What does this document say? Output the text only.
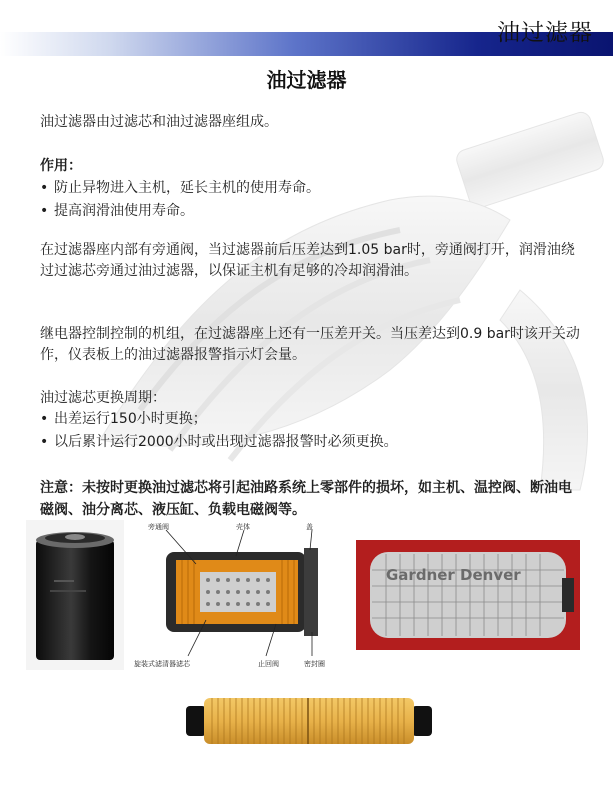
油过滤器
油过滤器
油过滤器由过滤芯和油过滤器座组成。
作用：
• 防止异物进入主机，延长主机的使用寿命。
• 提高润滑油使用寿命。
在过滤器座内部有旁通阀，当过滤器前后压差达到1.05 bar时，旁通阀打开，润滑油绕过过滤芯旁通过油过滤器，以保证主机有足够的冷却润滑油。
继电器控制控制的机组，在过滤器座上还有一压差开关。当压差达到0.9 bar时该开关动作，仪表板上的油过滤器报警指示灯会量。
油过滤芯更换周期：
• 出差运行150小时更换；
• 以后累计运行2000小时或出现过滤器报警时必须更换。
注意：未按时更换油过滤芯将引起油路系统上零部件的损坏，如主机、温控阀、断油电磁阀、油分离芯、液压缸、负载电磁阀等。
旁通阀	壳体	盖
旋装式滤清器滤芯	止回阀	密封圈
Gardner Denver
